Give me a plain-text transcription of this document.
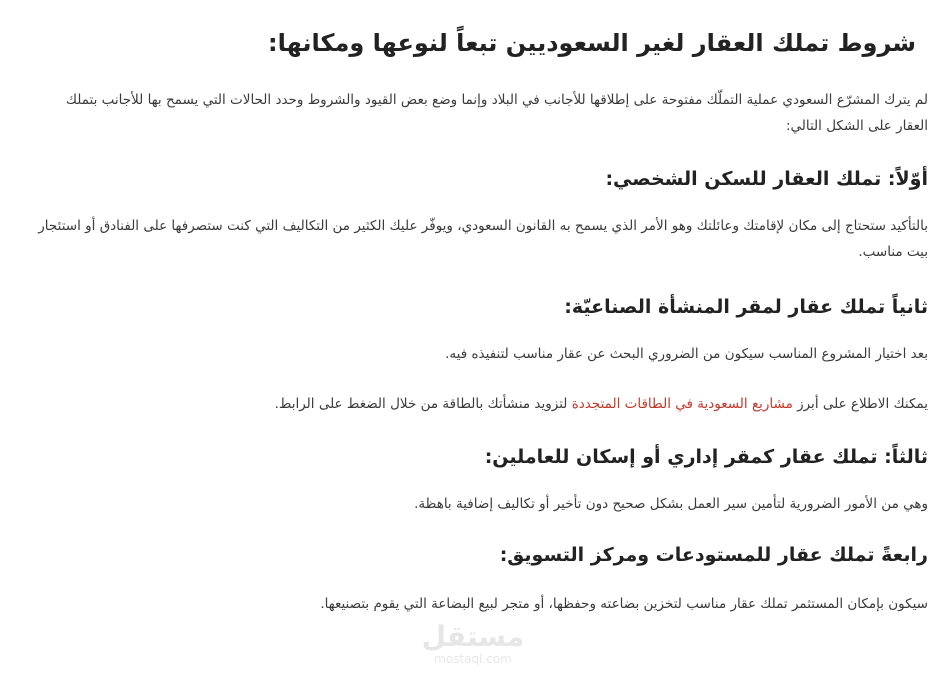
شروط تملك العقار لغير السعوديين تبعاً لنوعها ومكانها:

لم يترك المشرّع السعودي عملية التملّك مفتوحة على إطلاقها للأجانب في البلاد وإنما وضع بعض القيود والشروط وحدد الحالات التي يسمح بها للأجانب بتملك العقار على الشكل التالي:

أوّلاً: تملك العقار للسكن الشخصي:

بالتأكيد ستحتاج إلى مكان لإقامتك وعائلتك وهو الأمر الذي يسمح به القانون السعودي، ويوفّر عليك الكثير من التكاليف التي كنت ستصرفها على الفنادق أو استئجار بيت مناسب.

ثانياً تملك عقار لمقر المنشأة الصناعيّة:

بعد اختيار المشروع المناسب سيكون من الضروري البحث عن عقار مناسب لتنفيذه فيه.

يمكنك الاطلاع على أبرز مشاريع السعودية في الطاقات المتجددة لتزويد منشأتك بالطاقة من خلال الضغط على الرابط.

ثالثاً: تملك عقار كمقر إداري أو إسكان للعاملين:

وهي من الأمور الضرورية لتأمين سير العمل بشكل صحيح دون تأخير أو تكاليف إضافية باهظة.

رابعةً تملك عقار للمستودعات ومركز التسويق:

سيكون بإمكان المستثمر تملك عقار مناسب لتخزين بضاعته وحفظها، أو متجر لبيع البضاعة التي يقوم بتصنيعها.

مستقل
mostaql.com
